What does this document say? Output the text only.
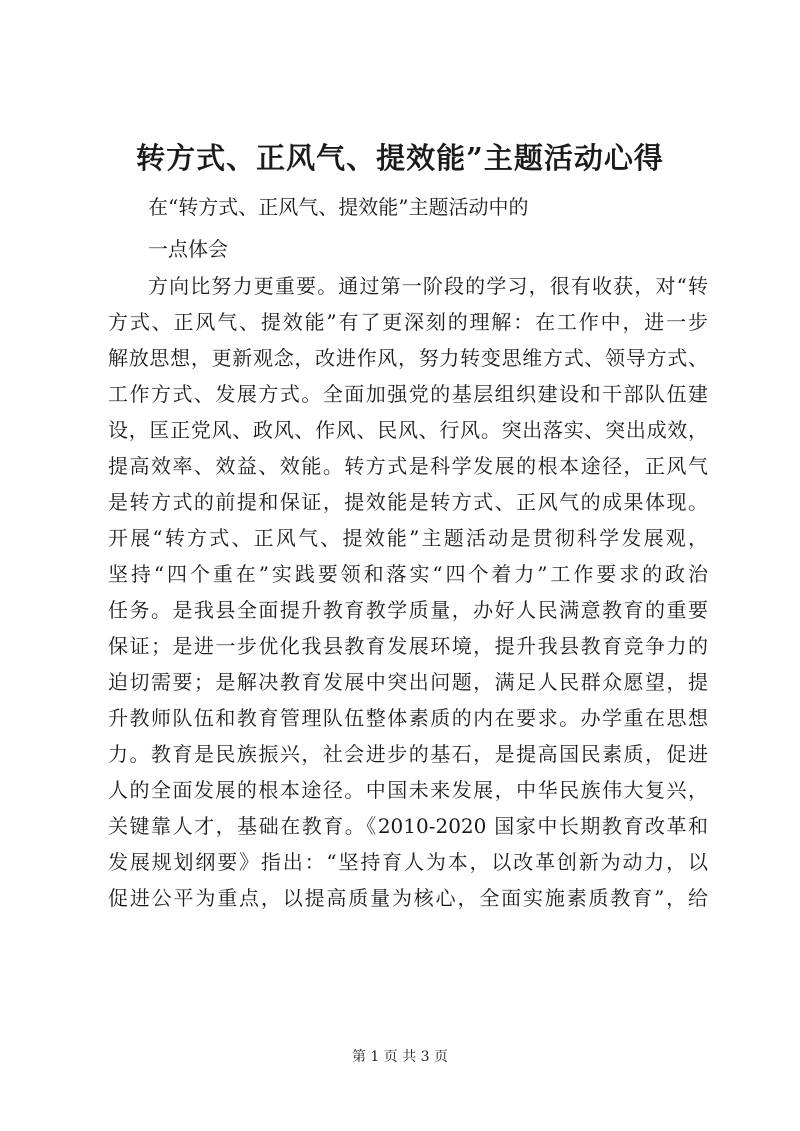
转方式、正风气、提效能”主题活动心得

在“转方式、正风气、提效能”主题活动中的

一点体会

方向比努力更重要。通过第一阶段的学习，很有收获，对“转
方式、正风气、提效能”有了更深刻的理解：在工作中，进一步
解放思想，更新观念，改进作风，努力转变思维方式、领导方式、
工作方式、发展方式。全面加强党的基层组织建设和干部队伍建
设，匡正党风、政风、作风、民风、行风。突出落实、突出成效，
提高效率、效益、效能。转方式是科学发展的根本途径，正风气
是转方式的前提和保证，提效能是转方式、正风气的成果体现。
开展“转方式、正风气、提效能”主题活动是贯彻科学发展观，
坚持“四个重在”实践要领和落实“四个着力”工作要求的政治
任务。是我县全面提升教育教学质量，办好人民满意教育的重要
保证；是进一步优化我县教育发展环境，提升我县教育竞争力的
迫切需要；是解决教育发展中突出问题，满足人民群众愿望，提
升教师队伍和教育管理队伍整体素质的内在要求。办学重在思想
力。教育是民族振兴，社会进步的基石，是提高国民素质，促进
人的全面发展的根本途径。中国未来发展，中华民族伟大复兴，
关键靠人才，基础在教育。《2010-2020 国家中长期教育改革和
发展规划纲要》指出：“坚持育人为本，以改革创新为动力，以
促进公平为重点，以提高质量为核心，全面实施素质教育”，给

第 1 页 共 3 页
